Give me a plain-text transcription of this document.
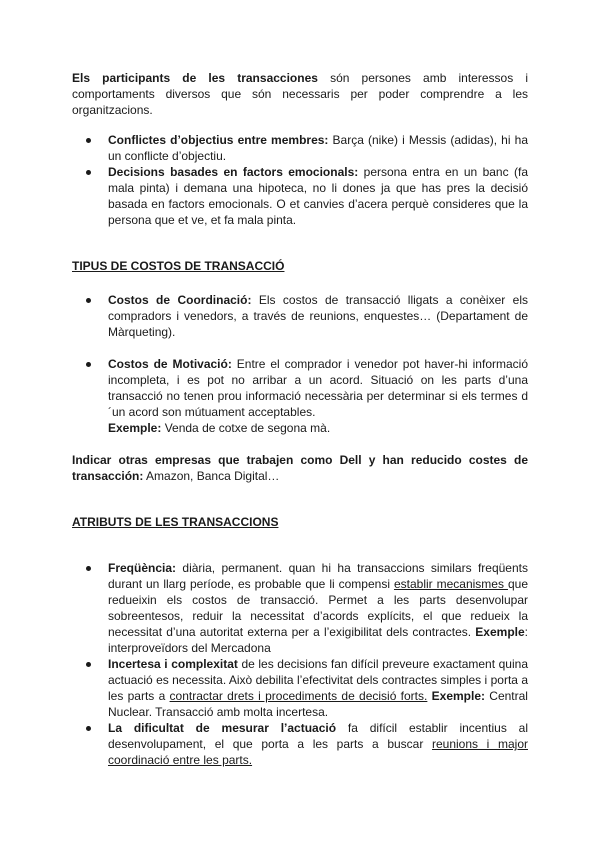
Els participants de les transacciones són persones amb interessos i comportaments diversos que són necessaris per poder comprendre a les organitzacions.

Conflictes d’objectius entre membres: Barça (nike) i Messis (adidas), hi ha un conflicte d’objectiu.
Decisions basades en factors emocionals: persona entra en un banc (fa mala pinta) i demana una hipoteca, no li dones ja que has pres la decisió basada en factors emocionals. O et canvies d’acera perquè consideres que la persona que et ve, et fa mala pinta.

TIPUS DE COSTOS DE TRANSACCIÓ

Costos de Coordinació: Els costos de transacció lligats a conèixer els compradors i venedors, a través de reunions, enquestes… (Departament de Màrqueting).
Costos de Motivació: Entre el comprador i venedor pot haver-hi informació incompleta, i es pot no arribar a un acord. Situació on les parts d’una transacció no tenen prou informació necessària per determinar si els termes d´un acord son mútuament acceptables.
Exemple: Venda de cotxe de segona mà.

Indicar otras empresas que trabajen como Dell y han reducido costes de transacción: Amazon, Banca Digital…

ATRIBUTS DE LES TRANSACCIONS

Freqüència: diària, permanent. quan hi ha transaccions similars freqüents durant un llarg període, es probable que li compensi establir mecanismes que redueixin els costos de transacció. Permet a les parts desenvolupar sobreentesos, reduir la necessitat d’acords explícits, el que redueix la necessitat d’una autoritat externa per a l’exigibilitat dels contractes. Exemple: interproveïdors del Mercadona
Incertesa i complexitat de les decisions fan difícil preveure exactament quina actuació es necessita. Això debilita l’efectivitat dels contractes simples i porta a les parts a contractar drets i procediments de decisió forts. Exemple: Central Nuclear. Transacció amb molta incertesa.
La dificultat de mesurar l’actuació fa difícil establir incentius al desenvolupament, el que porta a les parts a buscar reunions i major coordinació entre les parts.
